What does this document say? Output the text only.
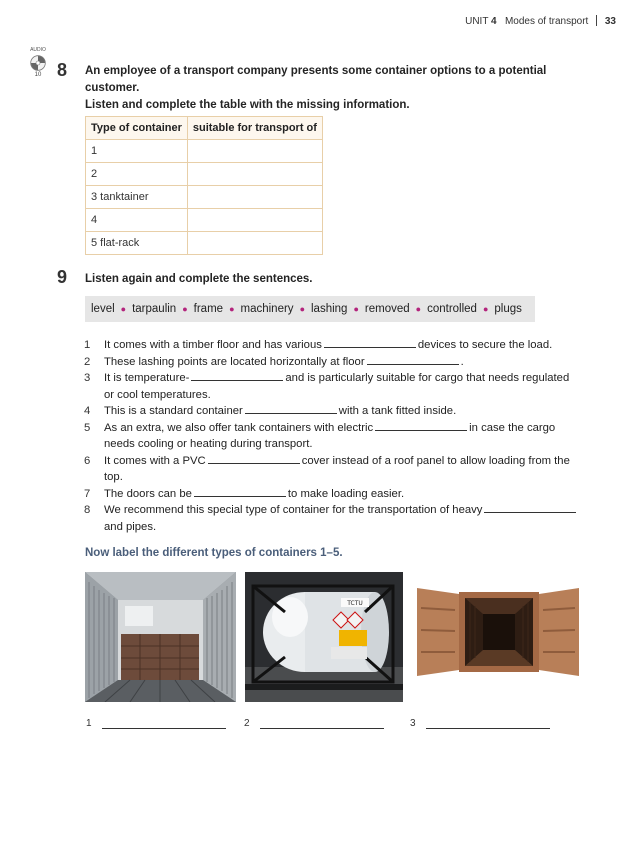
UNIT 4 Modes of transport 33
AUDIO
10 8 An employee of a transport company presents some container options to a potential customer.
Listen and complete the table with the missing information.
Type of container	suitable for transport of
1	
2	
3 tanktainer	
4	
5 flat-rack	
9 Listen again and complete the sentences.
level ● tarpaulin ● frame ● machinery ● lashing ● removed ● controlled ● plugs
1	It comes with a timber floor and has various	devices to secure the load.
2	These lashing points are located horizontally at floor	.
3	It is temperature-	and is particularly suitable for cargo that needs regulated or cool temperatures.
4	This is a standard container	with a tank fitted inside.
5	As an extra, we also offer tank containers with electric	in case the cargo needs cooling or heating during transport.
6	It comes with a PVC	cover instead of a roof panel to allow loading from the top.
7	The doors can be	to make loading easier.
8	We recommend this special type of container for the transportation of heavyand pipes.
Now label the different types of containers 1–5.
TCTU
1	2	3
